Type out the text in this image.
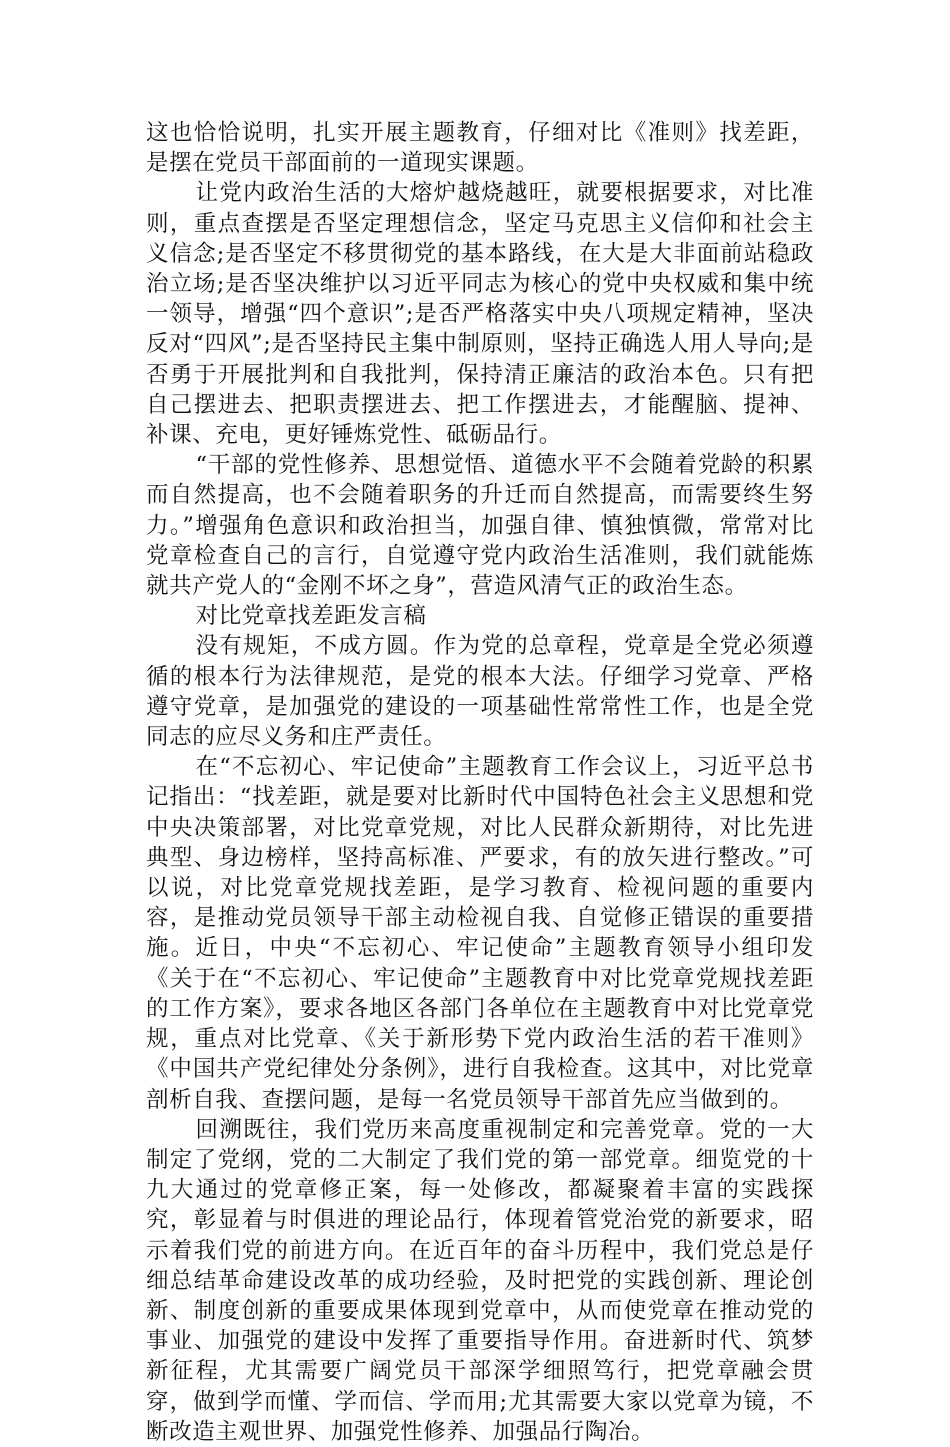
这也恰恰说明，扎实开展主题教育，仔细对比《准则》找差距，是摆在党员干部面前的一道现实课题。

让党内政治生活的大熔炉越烧越旺，就要根据要求，对比准则，重点查摆是否坚定理想信念，坚定马克思主义信仰和社会主义信念;是否坚定不移贯彻党的基本路线，在大是大非面前站稳政治立场;是否坚决维护以习近平同志为核心的党中央权威和集中统一领导，增强“四个意识”;是否严格落实中央八项规定精神，坚决反对“四风”;是否坚持民主集中制原则，坚持正确选人用人导向;是否勇于开展批判和自我批判，保持清正廉洁的政治本色。只有把自己摆进去、把职责摆进去、把工作摆进去，才能醒脑、提神、补课、充电，更好锤炼党性、砥砺品行。

“干部的党性修养、思想觉悟、道德水平不会随着党龄的积累而自然提高，也不会随着职务的升迁而自然提高，而需要终生努力。”增强角色意识和政治担当，加强自律、慎独慎微，常常对比党章检查自己的言行，自觉遵守党内政治生活准则，我们就能炼就共产党人的“金刚不坏之身”，营造风清气正的政治生态。

对比党章找差距发言稿

没有规矩，不成方圆。作为党的总章程，党章是全党必须遵循的根本行为法律规范，是党的根本大法。仔细学习党章、严格遵守党章，是加强党的建设的一项基础性常常性工作，也是全党同志的应尽义务和庄严责任。

在“不忘初心、牢记使命”主题教育工作会议上，习近平总书记指出：“找差距，就是要对比新时代中国特色社会主义思想和党中央决策部署，对比党章党规，对比人民群众新期待，对比先进典型、身边榜样，坚持高标准、严要求，有的放矢进行整改。”可以说，对比党章党规找差距，是学习教育、检视问题的重要内容，是推动党员领导干部主动检视自我、自觉修正错误的重要措施。近日，中央“不忘初心、牢记使命”主题教育领导小组印发《关于在“不忘初心、牢记使命”主题教育中对比党章党规找差距的工作方案》，要求各地区各部门各单位在主题教育中对比党章党规，重点对比党章、《关于新形势下党内政治生活的若干准则》《中国共产党纪律处分条例》，进行自我检查。这其中，对比党章剖析自我、查摆问题，是每一名党员领导干部首先应当做到的。

回溯既往，我们党历来高度重视制定和完善党章。党的一大制定了党纲，党的二大制定了我们党的第一部党章。细览党的十九大通过的党章修正案，每一处修改，都凝聚着丰富的实践探究，彰显着与时俱进的理论品行，体现着管党治党的新要求，昭示着我们党的前进方向。在近百年的奋斗历程中，我们党总是仔细总结革命建设改革的成功经验，及时把党的实践创新、理论创新、制度创新的重要成果体现到党章中，从而使党章在推动党的事业、加强党的建设中发挥了重要指导作用。奋进新时代、筑梦新征程，尤其需要广阔党员干部深学细照笃行，把党章融会贯穿，做到学而懂、学而信、学而用;尤其需要大家以党章为镜，不断改造主观世界、加强党性修养、加强品行陶冶。
